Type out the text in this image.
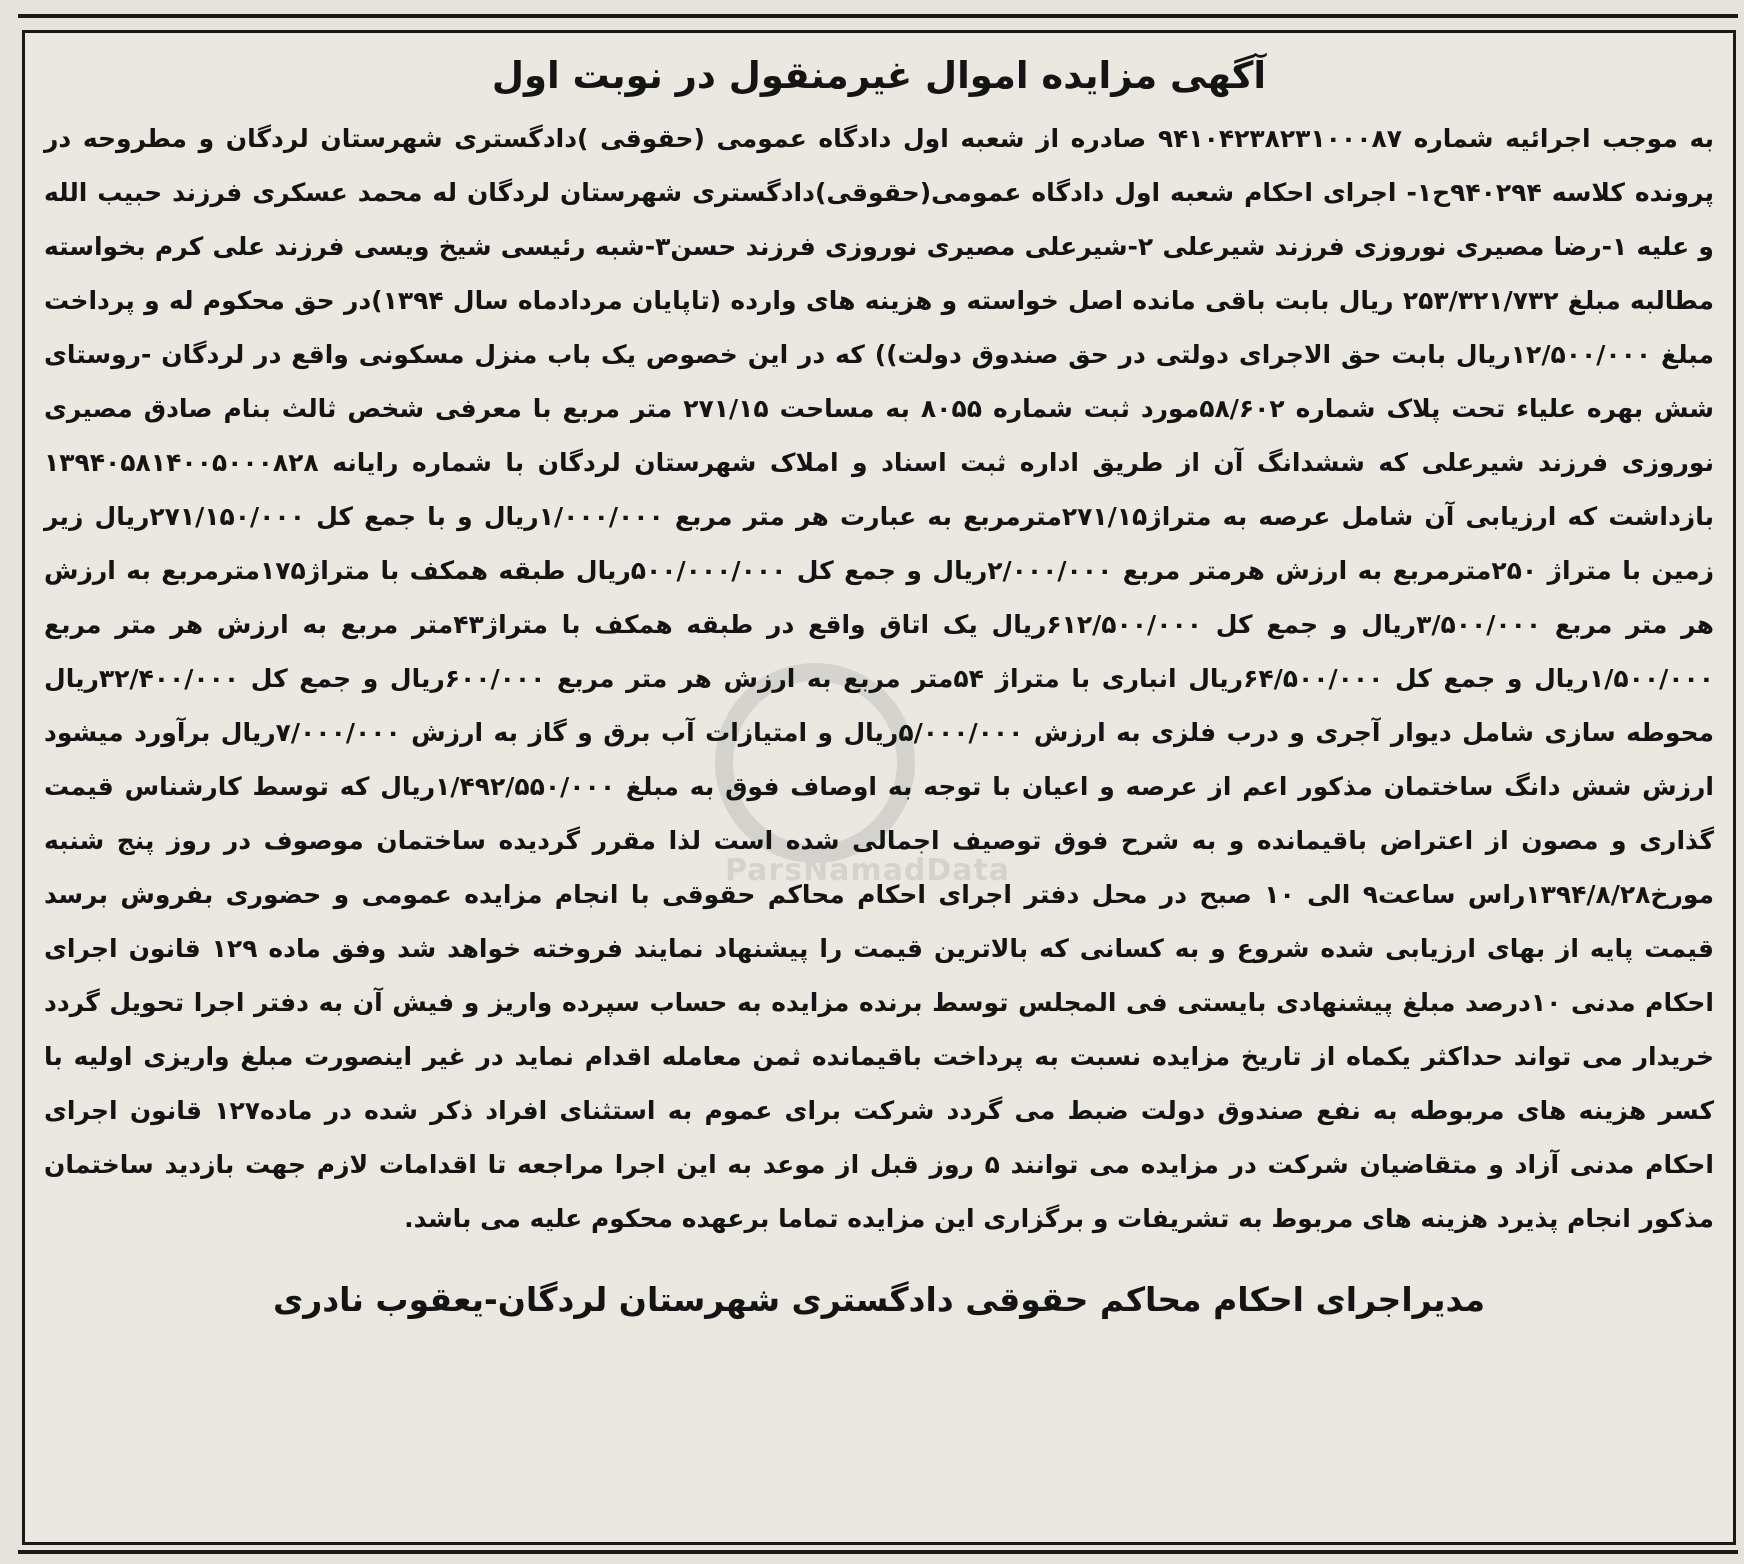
ParsNamadData
آگهی مزایده اموال غیرمنقول در نوبت اول

به موجب اجرائیه شماره ۹۴۱۰۴۲۳۸۲۳۱۰۰۰۸۷ صادره از شعبه اول دادگاه عمومی (حقوقی )دادگستری شهرستان لردگان و مطروحه در پرونده کلاسه ۹۴۰۲۹۴ح۱- اجرای احکام شعبه اول دادگاه عمومی(حقوقی)دادگستری شهرستان لردگان له محمد عسکری فرزند حبیب الله و علیه ۱-رضا مصیری نوروزی فرزند شیرعلی ۲-شیرعلی مصیری نوروزی فرزند حسن۳-شبه رئیسی شیخ ویسی فرزند علی کرم بخواسته مطالبه مبلغ ۲۵۳/۳۲۱/۷۳۲ ریال بابت باقی مانده اصل خواسته و هزینه های وارده (تاپایان مردادماه سال ۱۳۹۴)در حق محکوم له و پرداخت مبلغ ۱۲/۵۰۰/۰۰۰ریال بابت حق الاجرای دولتی در حق صندوق دولت)) که در این خصوص یک باب منزل مسکونی واقع در لردگان -روستای شش بهره علیاء تحت پلاک شماره ۵۸/۶۰۲مورد ثبت شماره ۸۰۵۵ به مساحت ۲۷۱/۱۵ متر مربع با معرفی شخص ثالث بنام صادق مصیری نوروزی فرزند شیرعلی که ششدانگ آن از طریق اداره ثبت اسناد و املاک شهرستان لردگان با شماره رایانه ۱۳۹۴۰۵۸۱۴۰۰۵۰۰۰۸۲۸ بازداشت که ارزیابی آن شامل عرصه به متراژ۲۷۱/۱۵مترمربع به عبارت هر متر مربع ۱/۰۰۰/۰۰۰ریال و با جمع کل ۲۷۱/۱۵۰/۰۰۰ریال زیر زمین با متراژ ۲۵۰مترمربع به ارزش هرمتر مربع ۲/۰۰۰/۰۰۰ریال و جمع کل ۵۰۰/۰۰۰/۰۰۰ریال طبقه همکف با متراژ۱۷۵مترمربع به ارزش هر متر مربع ۳/۵۰۰/۰۰۰ریال و جمع کل ۶۱۲/۵۰۰/۰۰۰ریال یک اتاق واقع در طبقه همکف با متراژ۴۳متر مربع به ارزش هر متر مربع ۱/۵۰۰/۰۰۰ریال و جمع کل ۶۴/۵۰۰/۰۰۰ریال انباری با متراژ ۵۴متر مربع به ارزش هر متر مربع ۶۰۰/۰۰۰ریال و جمع کل ۳۲/۴۰۰/۰۰۰ریال محوطه سازی شامل دیوار آجری و درب فلزی به ارزش ۵/۰۰۰/۰۰۰ریال و امتیازات آب برق و گاز به ارزش ۷/۰۰۰/۰۰۰ریال برآورد میشود ارزش شش دانگ ساختمان مذکور اعم از عرصه و اعیان با توجه به اوصاف فوق به مبلغ ۱/۴۹۲/۵۵۰/۰۰۰ریال که توسط کارشناس قیمت گذاری و مصون از اعتراض باقیمانده و به شرح فوق توصیف اجمالی شده است لذا مقرر گردیده ساختمان موصوف در روز پنج شنبه مورخ۱۳۹۴/۸/۲۸راس ساعت۹ الی ۱۰ صبح در محل دفتر اجرای احکام محاکم حقوقی با انجام مزایده عمومی و حضوری بفروش برسد قیمت پایه از بهای ارزیابی شده شروع و به کسانی که بالاترین قیمت را پیشنهاد نمایند فروخته خواهد شد وفق ماده ۱۲۹ قانون اجرای احکام مدنی ۱۰درصد مبلغ پیشنهادی بایستی فی المجلس توسط برنده مزایده به حساب سپرده واریز و فیش آن به دفتر اجرا تحویل گردد خریدار می تواند حداکثر یکماه از تاریخ مزایده نسبت به پرداخت باقیمانده ثمن معامله اقدام نماید در غیر اینصورت مبلغ واریزی اولیه با کسر هزینه های مربوطه به نفع صندوق دولت ضبط می گردد شرکت برای عموم به استثنای افراد ذکر شده در ماده۱۲۷ قانون اجرای احکام مدنی آزاد و متقاضیان شرکت در مزایده می توانند ۵ روز قبل از موعد به این اجرا مراجعه تا اقدامات لازم جهت بازدید ساختمان مذکور انجام پذیرد هزینه های مربوط به تشریفات و برگزاری این مزایده تماما برعهده محکوم علیه می باشد.

مدیراجرای احکام محاکم حقوقی دادگستری شهرستان لردگان-یعقوب نادری
